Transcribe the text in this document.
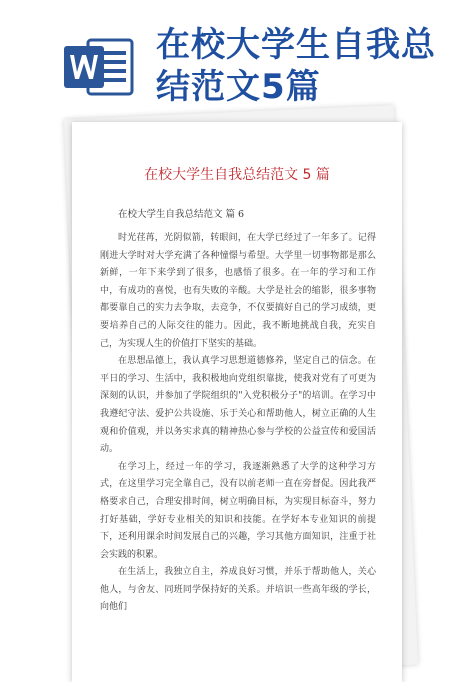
在校大学生自我总结范文5篇
在校大学生自我总结范文 5 篇
在校大学生自我总结范文 篇 6

时光荏苒，光阴似箭，转眼间，在大学已经过了一年多了。记得刚进大学时对大学充满了各种憧憬与希望。大学里一切事物都是那么新鲜，一年下来学到了很多，也感悟了很多。在一年的学习和工作中，有成功的喜悦，也有失败的辛酸。大学是社会的缩影，很多事物都要靠自己的实力去争取，去竞争，不仅要搞好自己的学习成绩，更要培养自己的人际交往的能力。因此，我不断地挑战自我，充实自己，为实现人生的价值打下坚实的基础。

在思想品德上，我认真学习思想道德修养，坚定自己的信念。在平日的学习、生活中，我积极地向党组织靠拢，使我对党有了可更为深刻的认识，并参加了学院组织的"入党积极分子"的培训。在学习中我遵纪守法、爱护公共设施、乐于关心和帮助他人，树立正确的人生观和价值观，并以务实求真的精神热心参与学校的公益宣传和爱国活动。

在学习上，经过一年的学习，我逐渐熟悉了大学的这种学习方式，在这里学习完全靠自己，没有以前老师一直在旁督促。因此我严格要求自己，合理安排时间，树立明确目标，为实现目标奋斗，努力打好基础，学好专业相关的知识和技能。在学好本专业知识的前提下，还利用课余时间发展自己的兴趣，学习其他方面知识，注重于社会实践的积累。

在生活上，我独立自主，养成良好习惯，并乐于帮助他人，关心他人，与舍友、同班同学保持好的关系。并培识一些高年级的学长，向他们
